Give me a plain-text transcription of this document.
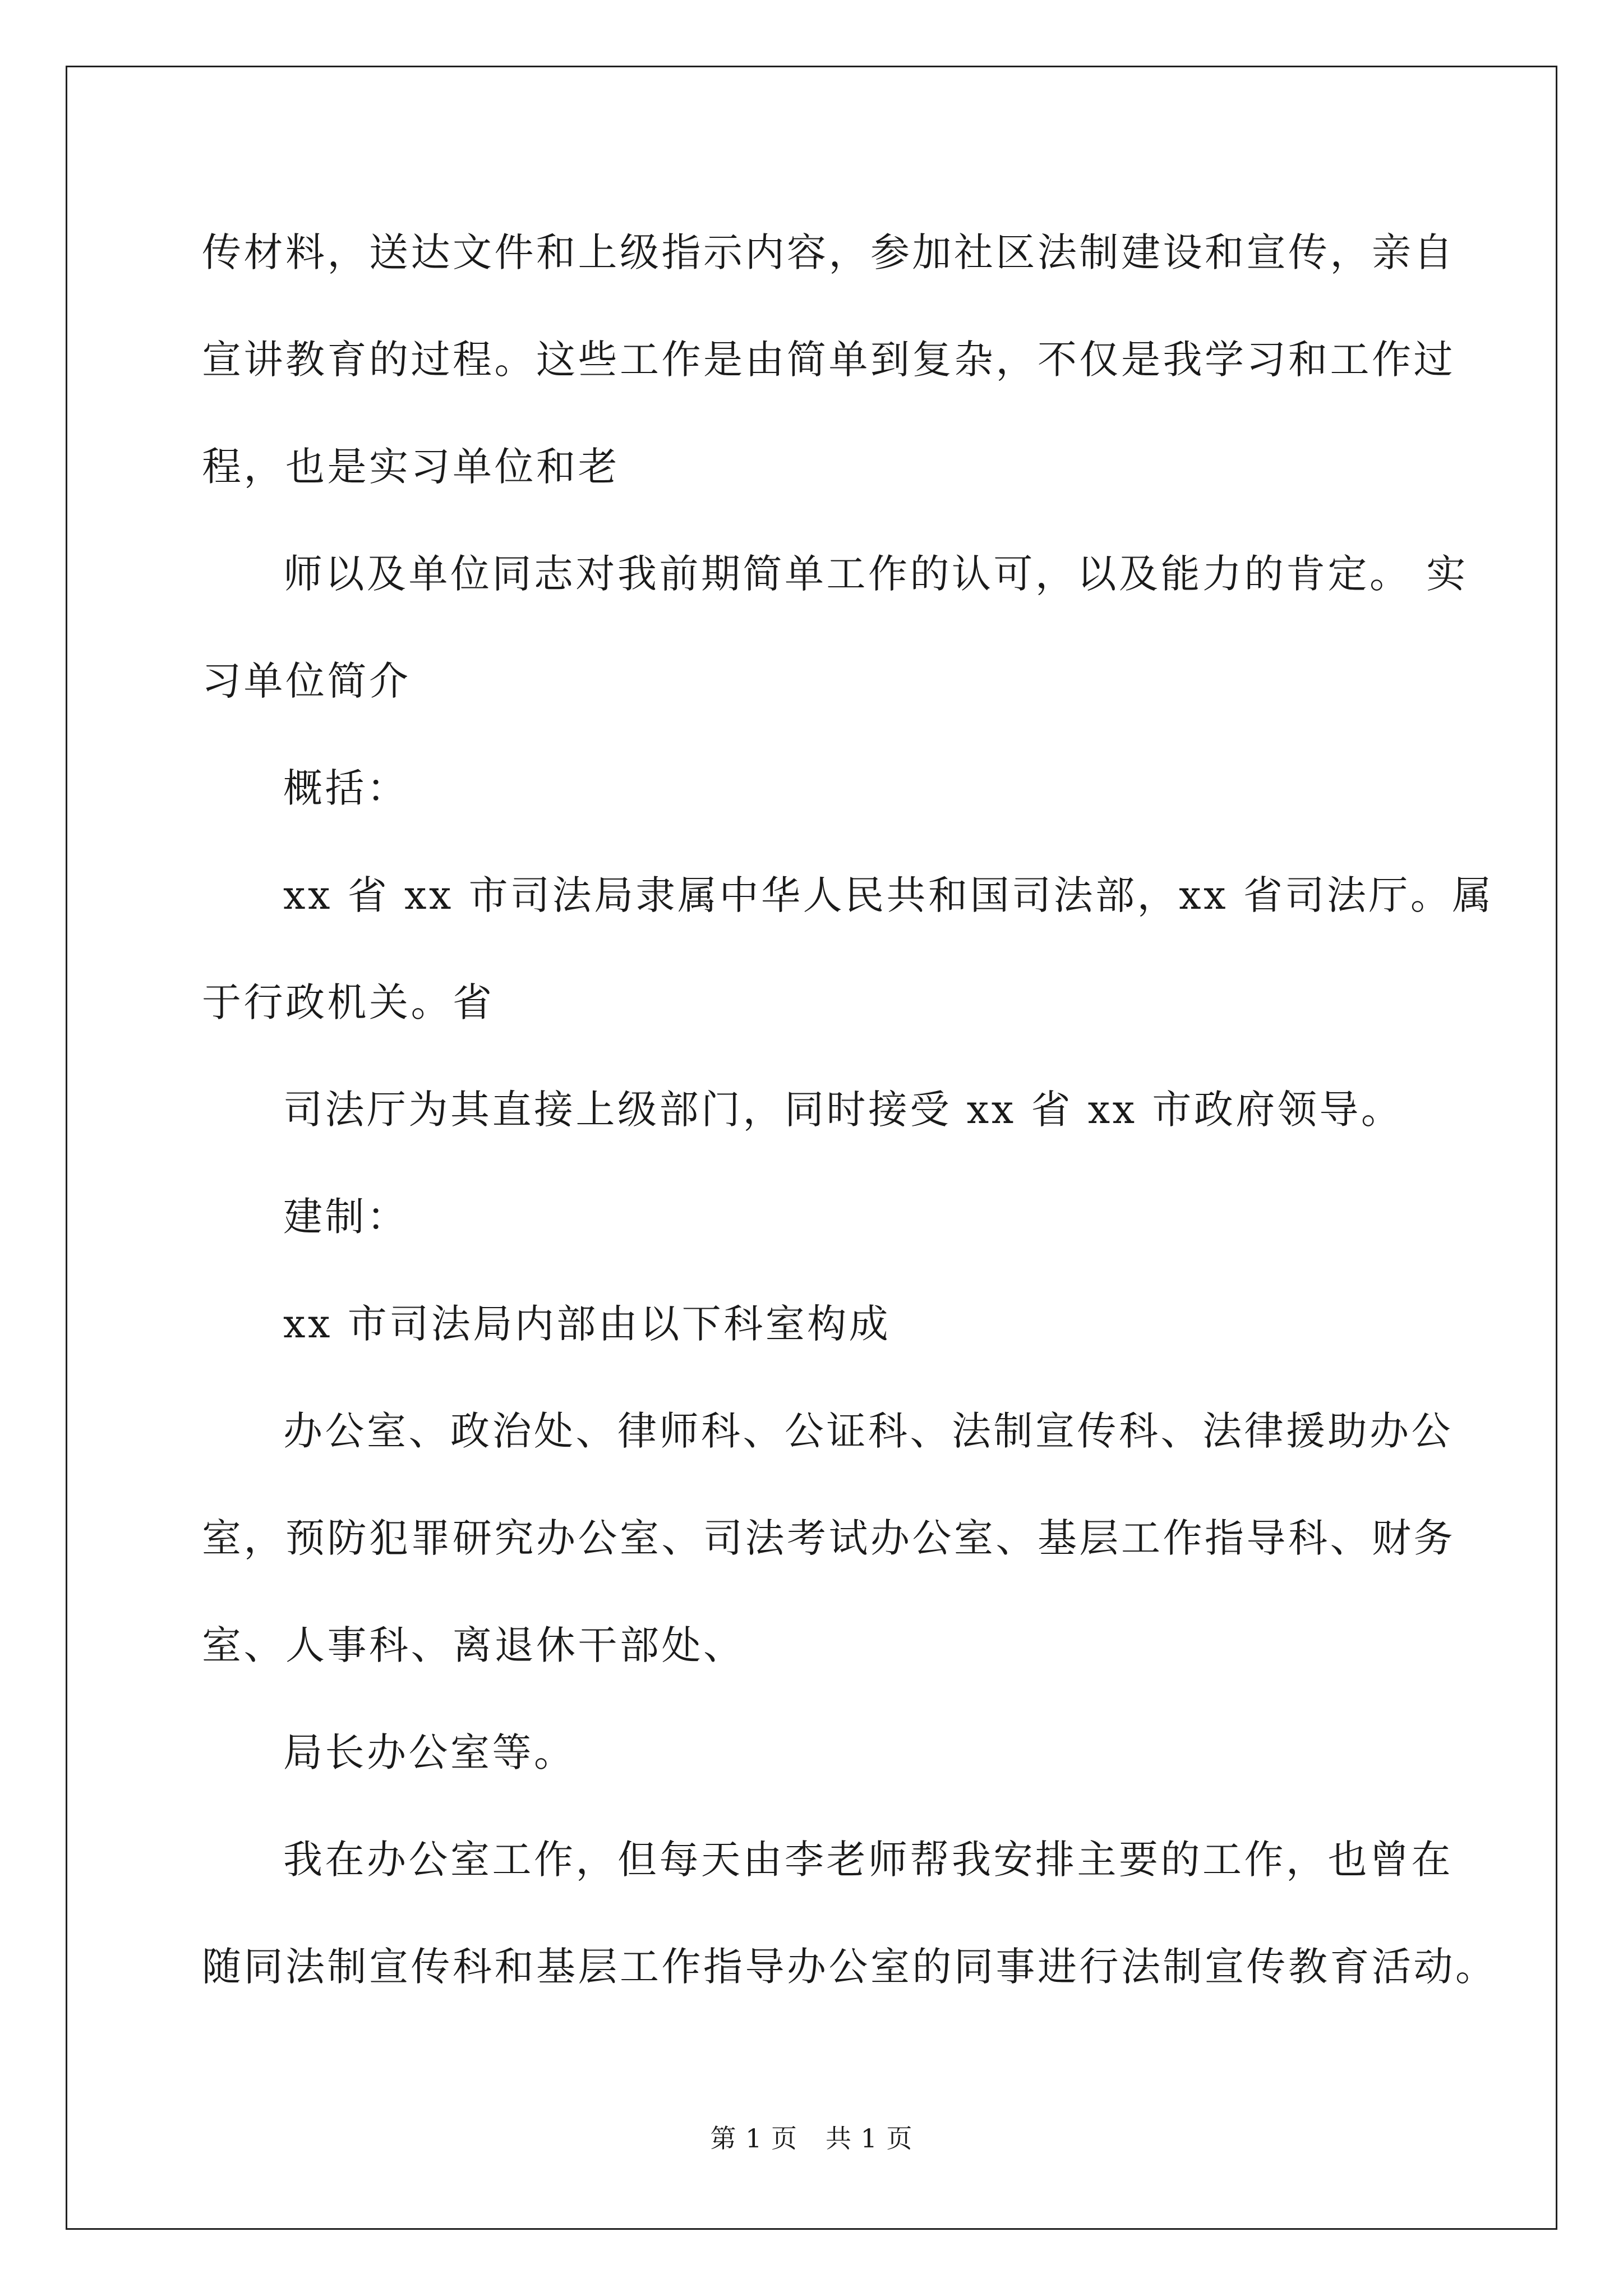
传材料，送达文件和上级指示内容，参加社区法制建设和宣传，亲自

宣讲教育的过程。这些工作是由简单到复杂，不仅是我学习和工作过

程，也是实习单位和老

师以及单位同志对我前期简单工作的认可，以及能力的肯定。 实

习单位简介

概括：

xx 省 xx 市司法局隶属中华人民共和国司法部，xx 省司法厅。属

于行政机关。省

司法厅为其直接上级部门，同时接受 xx 省 xx 市政府领导。

建制：

xx 市司法局内部由以下科室构成

办公室、政治处、律师科、公证科、法制宣传科、法律援助办公

室，预防犯罪研究办公室、司法考试办公室、基层工作指导科、财务

室、人事科、离退休干部处、

局长办公室等。

我在办公室工作，但每天由李老师帮我安排主要的工作，也曾在

随同法制宣传科和基层工作指导办公室的同事进行法制宣传教育活动。

第 1 页 共 1 页
